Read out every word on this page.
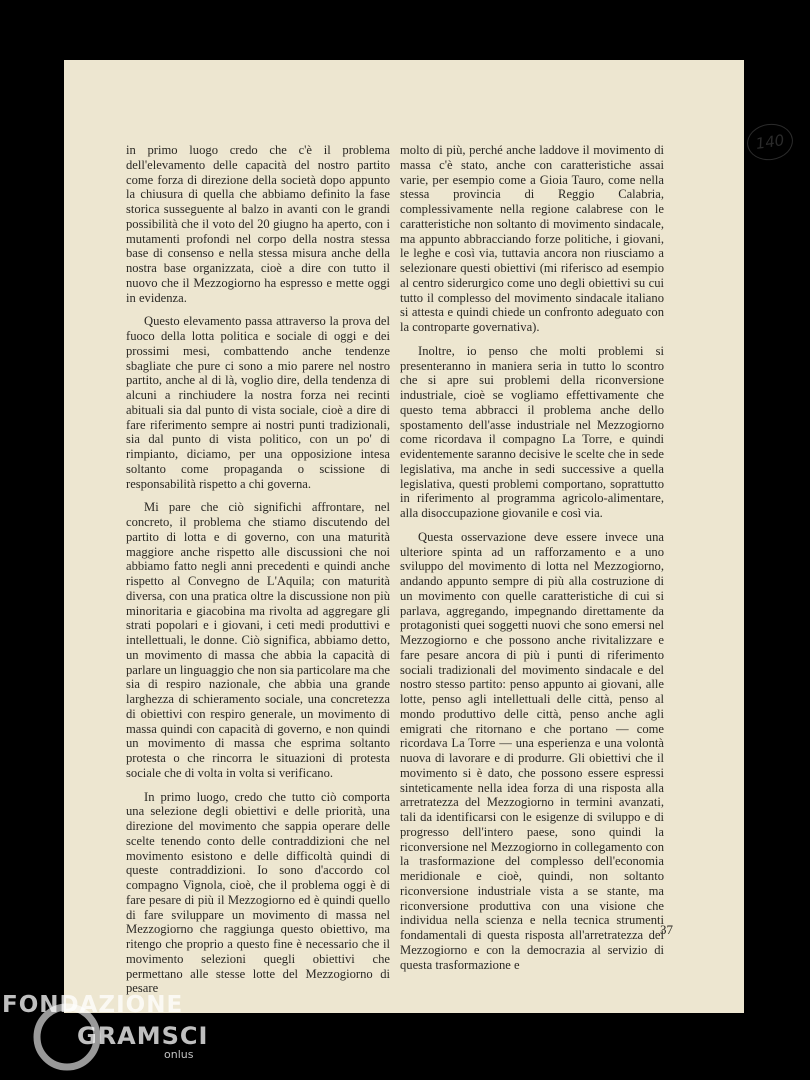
140

in primo luogo credo che c'è il problema dell'elevamento delle capacità del nostro partito come forza di direzione della società dopo appunto la chiusura di quella che abbiamo definito la fase storica susseguente al balzo in avanti con le grandi possibilità che il voto del 20 giugno ha aperto, con i mutamenti profondi nel corpo della nostra stessa base di consenso e nella stessa misura anche della nostra base organizzata, cioè a dire con tutto il nuovo che il Mezzogiorno ha espresso e mette oggi in evidenza.

Questo elevamento passa attraverso la prova del fuoco della lotta politica e sociale di oggi e dei prossimi mesi, combattendo anche tendenze sbagliate che pure ci sono a mio parere nel nostro partito, anche al di là, voglio dire, della tendenza di alcuni a rinchiudere la nostra forza nei recinti abituali sia dal punto di vista sociale, cioè a dire di fare riferimento sempre ai nostri punti tradizionali, sia dal punto di vista politico, con un po' di rimpianto, diciamo, per una opposizione intesa soltanto come propaganda o scissione di responsabilità rispetto a chi governa.

Mi pare che ciò significhi affrontare, nel concreto, il problema che stiamo discutendo del partito di lotta e di governo, con una maturità maggiore anche rispetto alle discussioni che noi abbiamo fatto negli anni precedenti e quindi anche rispetto al Convegno de L'Aquila; con maturità diversa, con una pratica oltre la discussione non più minoritaria e giacobina ma rivolta ad aggregare gli strati popolari e i giovani, i ceti medi produttivi e intellettuali, le donne. Ciò significa, abbiamo detto, un movimento di massa che abbia la capacità di parlare un linguaggio che non sia particolare ma che sia di respiro nazionale, che abbia una grande larghezza di schieramento sociale, una concretezza di obiettivi con respiro generale, un movimento di massa quindi con capacità di governo, e non quindi un movimento di massa che esprima soltanto protesta o che rincorra le situazioni di protesta sociale che di volta in volta si verificano.

In primo luogo, credo che tutto ciò comporta una selezione degli obiettivi e delle priorità, una direzione del movimento che sappia operare delle scelte tenendo conto delle contraddizioni che nel movimento esistono e delle difficoltà quindi di queste contraddizioni. Io sono d'accordo col compagno Vignola, cioè, che il problema oggi è di fare pesare di più il Mezzogiorno ed è quindi quello di fare sviluppare un movimento di massa nel Mezzogiorno che raggiunga questo obiettivo, ma ritengo che proprio a questo fine è necessario che il movimento selezioni quegli obiettivi che permettano alle stesse lotte del Mezzogiorno di pesare

molto di più, perché anche laddove il movimento di massa c'è stato, anche con caratteristiche assai varie, per esempio come a Gioia Tauro, come nella stessa provincia di Reggio Calabria, complessivamente nella regione calabrese con le caratteristiche non soltanto di movimento sindacale, ma appunto abbracciando forze politiche, i giovani, le leghe e così via, tuttavia ancora non riusciamo a selezionare questi obiettivi (mi riferisco ad esempio al centro siderurgico come uno degli obiettivi su cui tutto il complesso del movimento sindacale italiano si attesta e quindi chiede un confronto adeguato con la controparte governativa).

Inoltre, io penso che molti problemi si presenteranno in maniera seria in tutto lo scontro che si apre sui problemi della riconversione industriale, cioè se vogliamo effettivamente che questo tema abbracci il problema anche dello spostamento dell'asse industriale nel Mezzogiorno come ricordava il compagno La Torre, e quindi evidentemente saranno decisive le scelte che in sede legislativa, ma anche in sedi successive a quella legislativa, questi problemi comportano, soprattutto in riferimento al programma agricolo-alimentare, alla disoccupazione giovanile e così via.

Questa osservazione deve essere invece una ulteriore spinta ad un rafforzamento e a uno sviluppo del movimento di lotta nel Mezzogiorno, andando appunto sempre di più alla costruzione di un movimento con quelle caratteristiche di cui si parlava, aggregando, impegnando direttamente da protagonisti quei soggetti nuovi che sono emersi nel Mezzogiorno e che possono anche rivitalizzare e fare pesare ancora di più i punti di riferimento sociali tradizionali del movimento sindacale e del nostro stesso partito: penso appunto ai giovani, alle lotte, penso agli intellettuali delle città, penso al mondo produttivo delle città, penso anche agli emigrati che ritornano e che portano — come ricordava La Torre — una esperienza e una volontà nuova di lavorare e di produrre. Gli obiettivi che il movimento si è dato, che possono essere espressi sinteticamente nella idea forza di una risposta alla arretratezza del Mezzogiorno in termini avanzati, tali da identificarsi con le esigenze di sviluppo e di progresso dell'intero paese, sono quindi la riconversione nel Mezzogiorno in collegamento con la trasformazione del complesso dell'economia meridionale e cioè, quindi, non soltanto riconversione industriale vista a se stante, ma riconversione produttiva con una visione che individua nella scienza e nella tecnica strumenti fondamentali di questa risposta all'arretratezza del Mezzogiorno e con la democrazia al servizio di questa trasformazione e

37
FONDAZIONE
GRAMSCI
onlus
